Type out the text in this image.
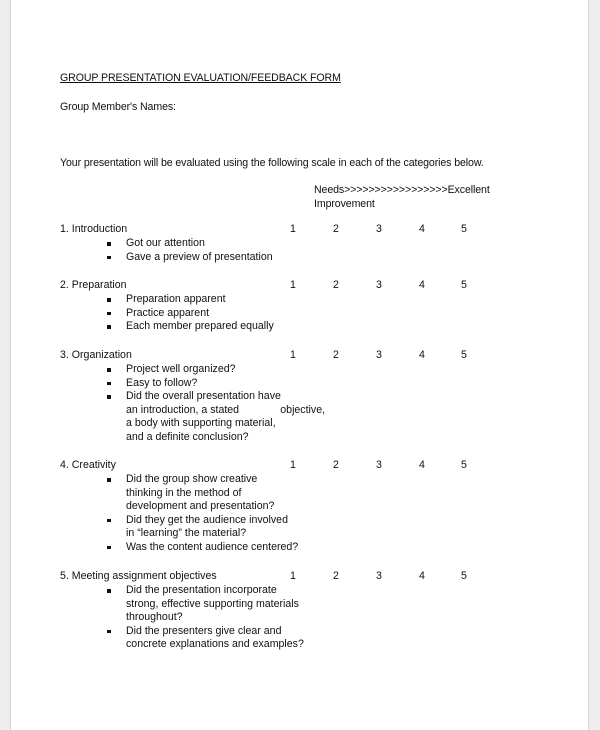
GROUP PRESENTATION EVALUATION/FEEDBACK FORM
Group Member's Names:
Your presentation will be evaluated using the following scale in each of the categories below.
Needs>>>>>>>>>>>>>>>>>Excellent
Improvement
1. Introduction	1	2	3	4	5
Got our attention
Gave a preview of presentation
2. Preparation	1	2	3	4	5
Preparation apparent
Practice apparent
Each member prepared equally
3. Organization	1	2	3	4	5
Project well organized?
Easy to follow?
Did the overall presentation have
an introduction, a stated              objective,
a body with supporting material,
and a definite conclusion?
4. Creativity	1	2	3	4	5
Did the group show creative
thinking in the method of
development and presentation?
Did they get the audience involved
in “learning” the material?
Was the content audience centered?
5. Meeting assignment objectives	1	2	3	4	5
Did the presentation incorporate
strong, effective supporting materials
throughout?
Did the presenters give clear and
concrete explanations and examples?
